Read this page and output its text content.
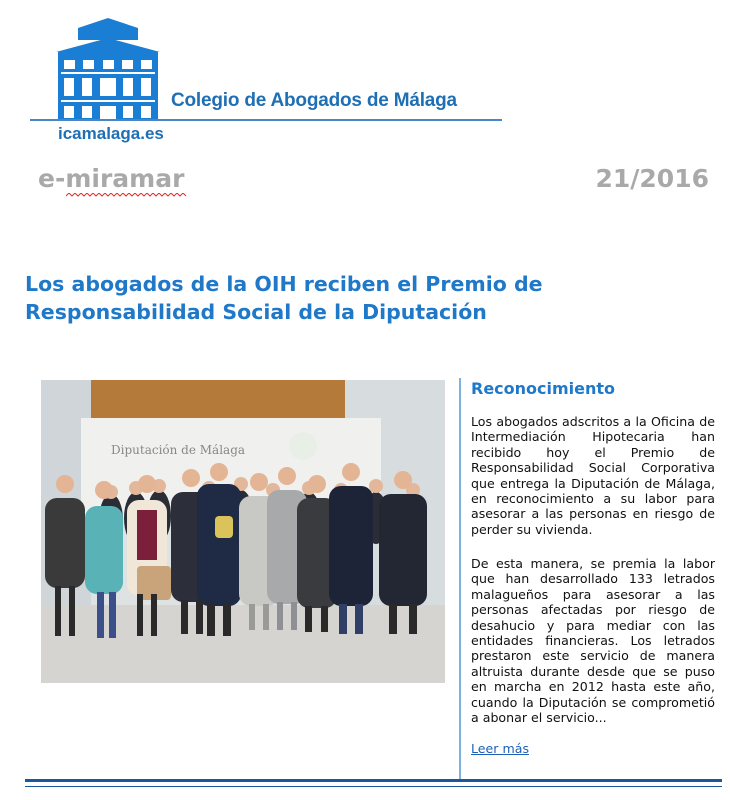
Colegio de Abogados de Málaga
icamalaga.es
e-miramar	21/2016
Los abogados de la OIH reciben el Premio de Responsabilidad Social de la Diputación
Diputación de Málaga
Reconocimiento

Los abogados adscritos a la Oficina de Intermediación Hipotecaria han recibido hoy el Premio de Responsabilidad Social Corporativa que entrega la Diputación de Málaga, en reconocimiento a su labor para asesorar a las personas en riesgo de perder su vivienda.

De esta manera, se premia la labor que han desarrollado 133 letrados malagueños para asesorar a las personas afectadas por riesgo de desahucio y para mediar con las entidades financieras. Los letrados prestaron este servicio de manera altruista durante desde que se puso en marcha en 2012 hasta este año, cuando la Diputación se comprometió a abonar el servicio...

Leer más
